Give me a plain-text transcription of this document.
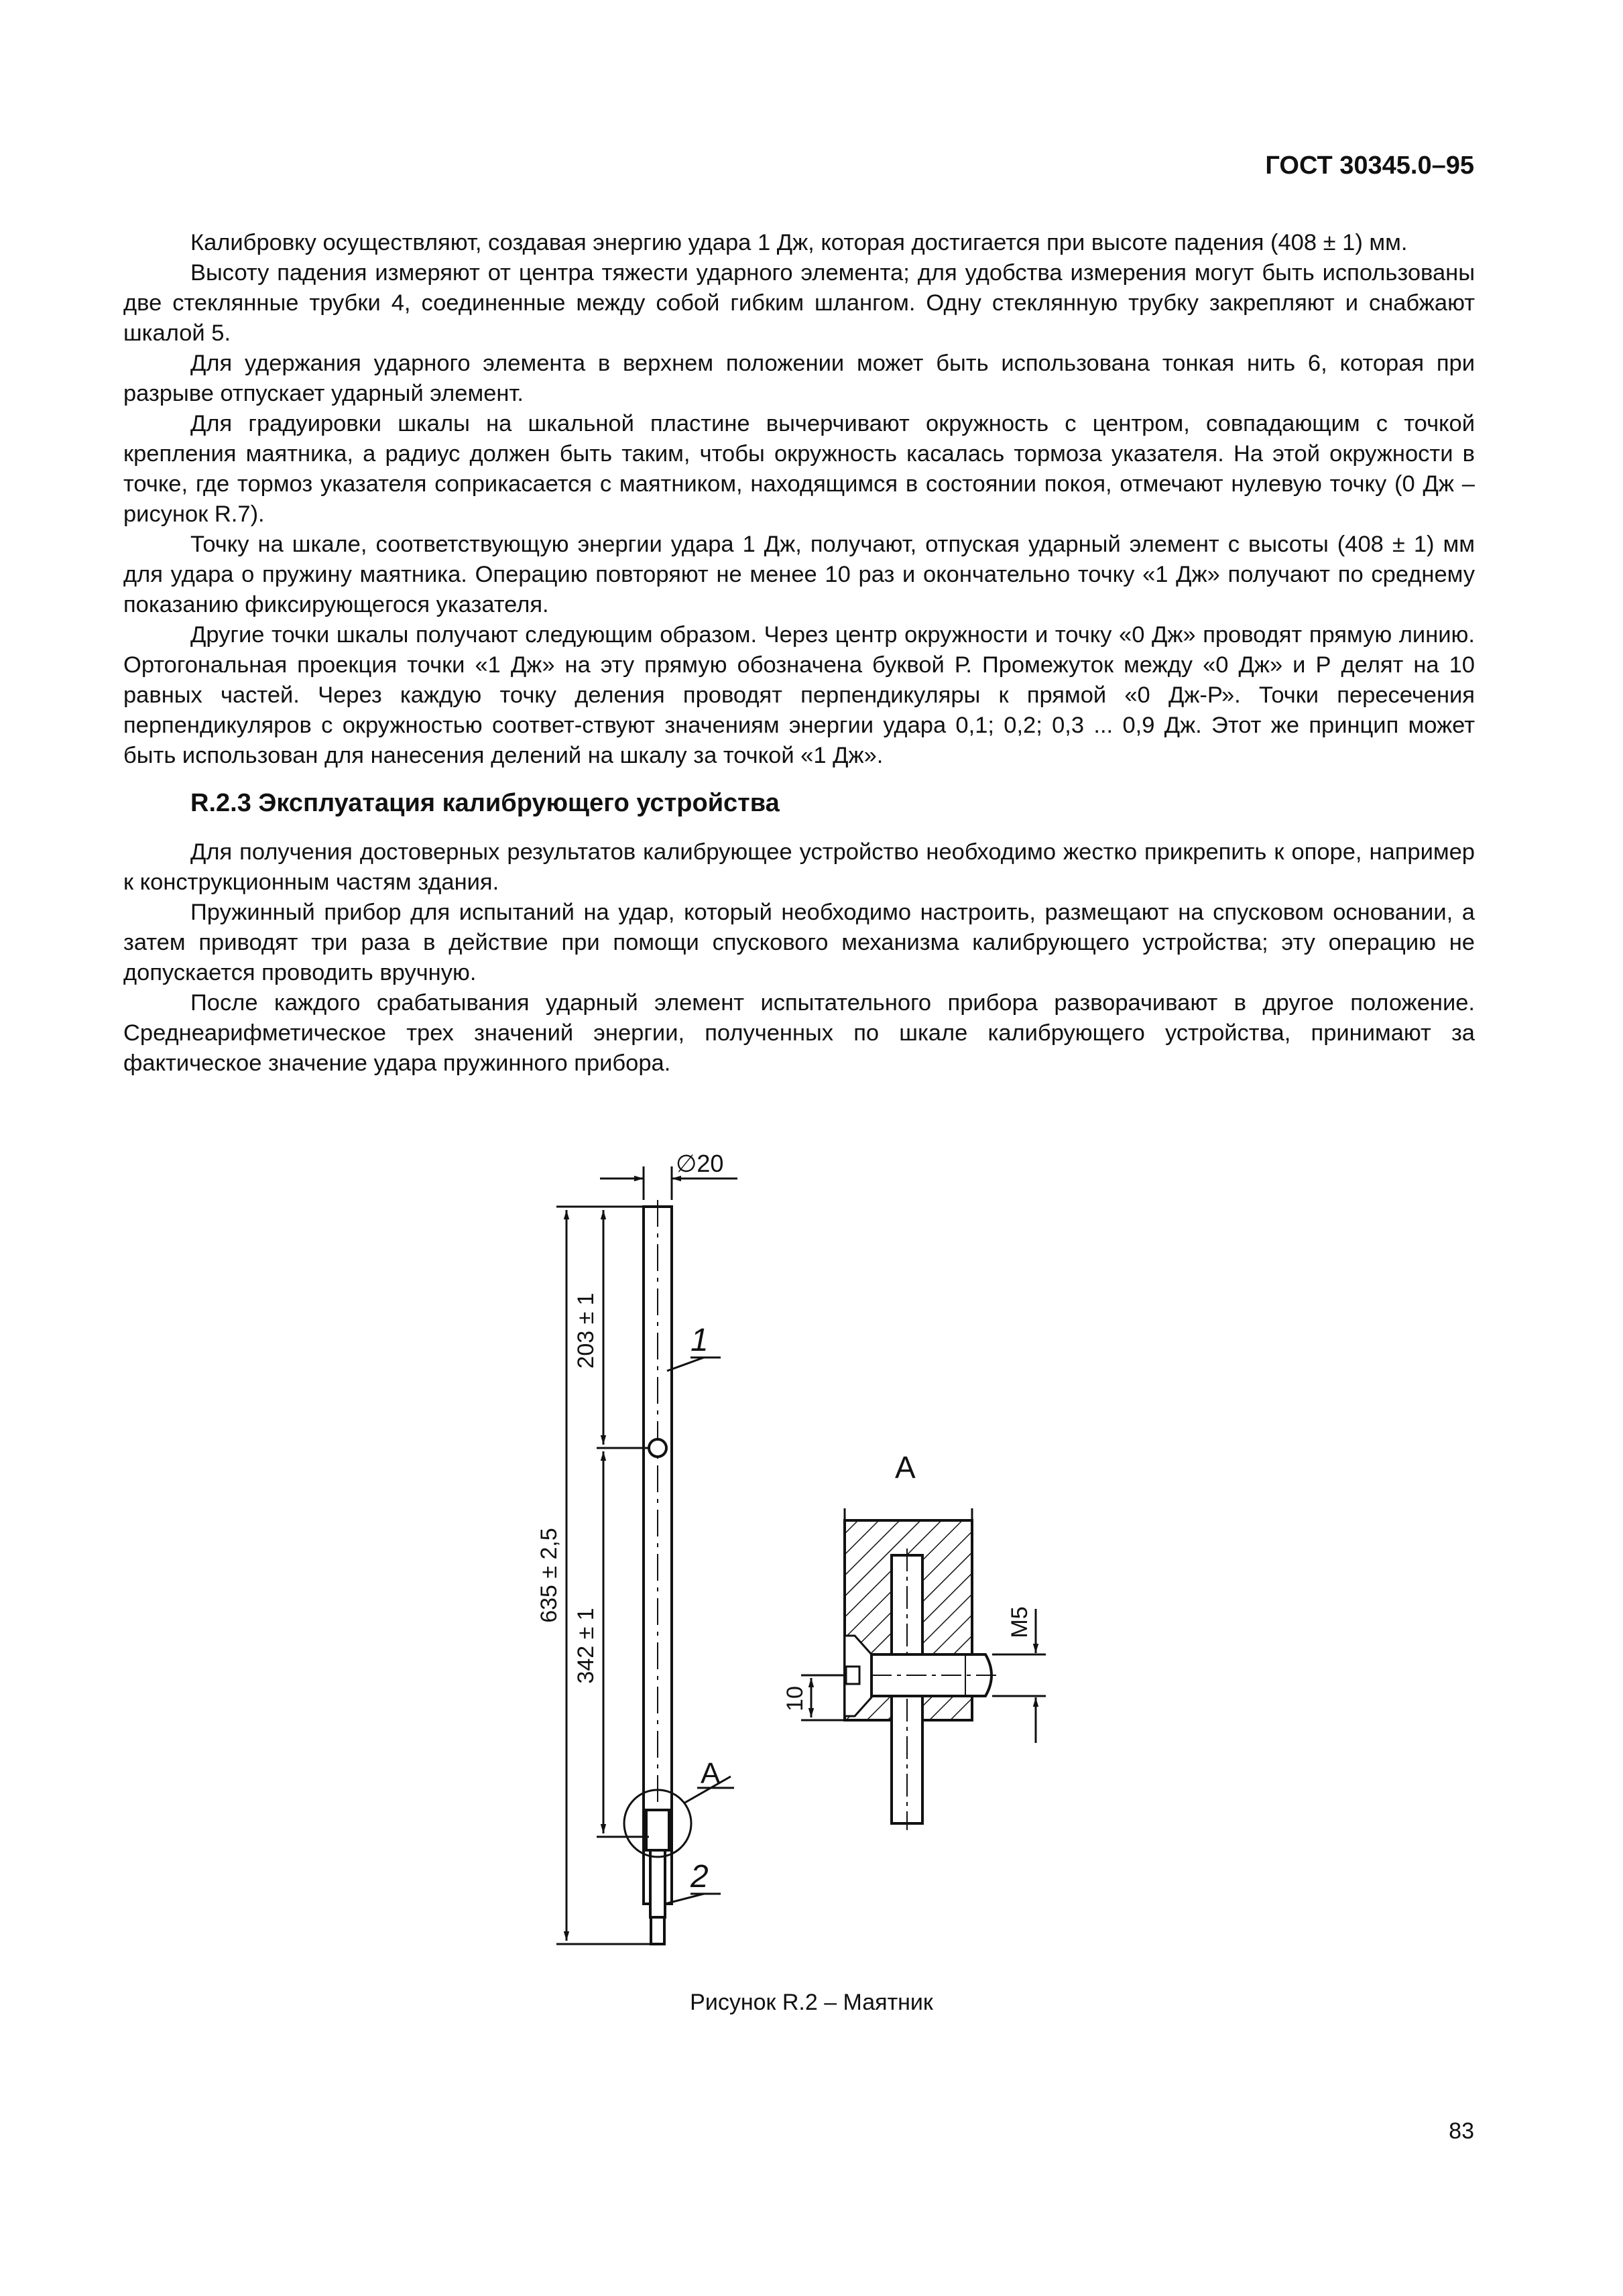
ГОСТ 30345.0–95

Калибровку осуществляют, создавая энергию удара 1 Дж, которая достигается при высоте падения (408 ± 1) мм.

Высоту падения измеряют от центра тяжести ударного элемента; для удобства измерения могут быть использованы две стеклянные трубки 4, соединенные между собой гибким шлангом. Одну стеклянную трубку закрепляют и снабжают шкалой 5.

Для удержания ударного элемента в верхнем положении может быть использована тонкая нить 6, которая при разрыве отпускает ударный элемент.

Для градуировки шкалы на шкальной пластине вычерчивают окружность с центром, совпадающим с точкой крепления маятника, а радиус должен быть таким, чтобы окружность касалась тормоза указателя. На этой окружности в точке, где тормоз указателя соприкасается с маятником, находящимся в состоянии покоя, отмечают нулевую точку (0 Дж – рисунок R.7).

Точку на шкале, соответствующую энергии удара 1 Дж, получают, отпуская ударный элемент с высоты (408 ± 1) мм для удара о пружину маятника. Операцию повторяют не менее 10 раз и окончательно точку «1 Дж» получают по среднему показанию фиксирующегося указателя.

Другие точки шкалы получают следующим образом. Через центр окружности и точку «0 Дж» проводят прямую линию. Ортогональная проекция точки «1 Дж» на эту прямую обозначена буквой Р. Промежуток между «0 Дж» и Р делят на 10 равных частей. Через каждую точку деления проводят перпендикуляры к прямой «0 Дж-Р». Точки пересечения перпендикуляров с окружностью соответ-ствуют значениям энергии удара 0,1; 0,2; 0,3 ... 0,9 Дж. Этот же принцип может быть использован для нанесения делений на шкалу за точкой «1 Дж».

R.2.3 Эксплуатация калибрующего устройства

Для получения достоверных результатов калибрующее устройство необходимо жестко прикрепить к опоре, например к конструкционным частям здания.

Пружинный прибор для испытаний на удар, который необходимо настроить, размещают на спусковом основании, а затем приводят три раза в действие при помощи спускового механизма калибрующего устройства; эту операцию не допускается проводить вручную.

После каждого срабатывания ударный элемент испытательного прибора разворачивают в другое положение. Среднеарифметическое трех значений энергии, полученных по шкале калибрующего устройства, принимают за фактическое значение удара пружинного прибора.

A
1
2
∅20
203 ± 1
342 ± 1
635 ± 2,5
A
10
M5
Рисунок R.2 – Маятник
83
